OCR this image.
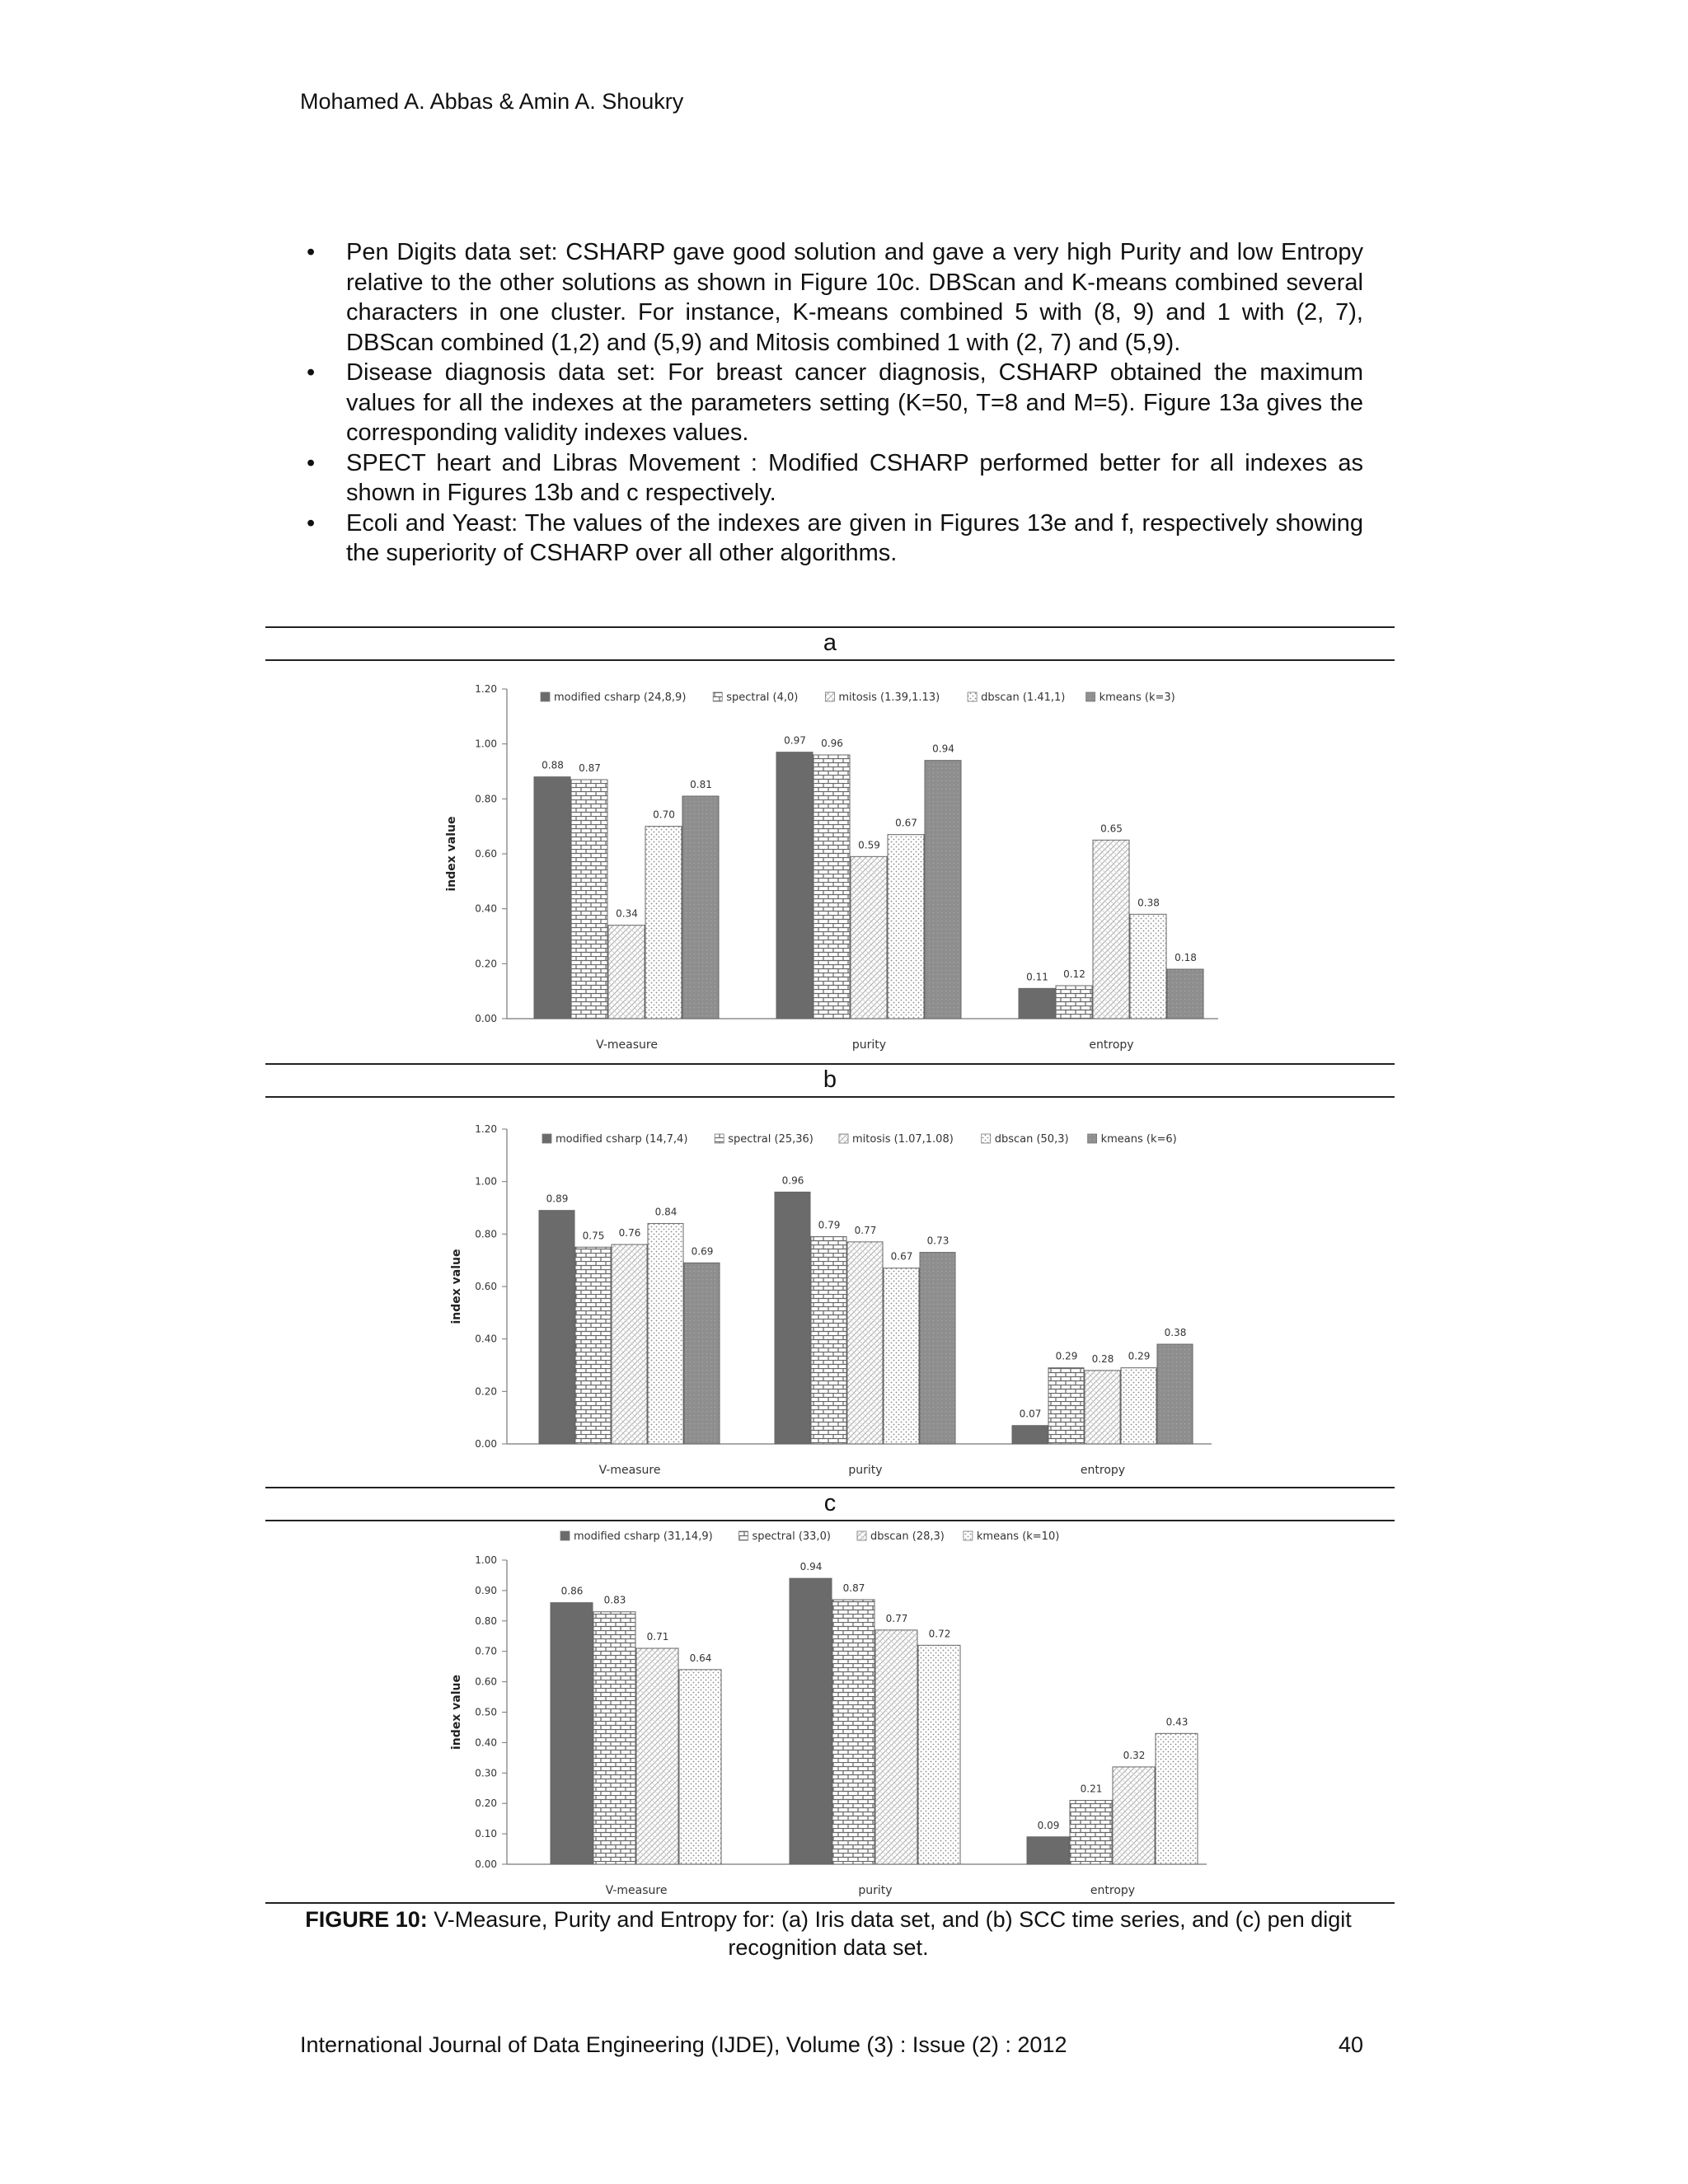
Mohamed A. Abbas & Amin A. Shoukry
• Pen Digits data set: CSHARP gave good solution and gave a very high Purity and low Entropy relative to the other solutions as shown in Figure 10c. DBScan and K-means combined several characters in one cluster. For instance, K-means combined 5 with (8, 9) and 1 with (2, 7), DBScan combined (1,2) and (5,9) and Mitosis combined 1 with (2, 7) and (5,9).
• Disease diagnosis data set: For breast cancer diagnosis, CSHARP obtained the maximum values for all the indexes at the parameters setting (K=50, T=8 and M=5). Figure 13a gives the corresponding validity indexes values.
• SPECT heart and Libras Movement : Modified CSHARP performed better for all indexes as shown in Figures 13b and c respectively.
• Ecoli and Yeast: The values of the indexes are given in Figures 13e and f, respectively showing the superiority of CSHARP over all other algorithms.
a
0.00
0.20
0.40
0.60
0.80
1.00
1.20
index value
modified csharp (24,8,9)	spectral (4,0)	mitosis (1.39,1.13)	dbscan (1.41,1)	kmeans (k=3)
0.88 0.87
0.34
0.70
0.81
V-measure
0.97 0.96
0.59
0.67
0.94
purity
0.11 0.12
0.65
0.38
0.18
entropy
b
0.00
0.20
0.40
0.60
0.80
1.00
1.20
index value
modified csharp (14,7,4)	spectral (25,36)	mitosis (1.07,1.08)	dbscan (50,3)	kmeans (k=6)
0.89
0.75 0.76
0.84
0.69
V-measure
0.96
0.79 0.77
0.67
0.73
purity
0.07
0.29 0.28 0.29
0.38
entropy
c
0.00
0.10
0.20
0.30
0.40
0.50
0.60
0.70
0.80
0.90
1.00
index value
modified csharp (31,14,9)	spectral (33,0)	dbscan (28,3)	kmeans (k=10)
0.86
0.83
0.71
0.64
V-measure
0.94
0.87
0.77
0.72
purity
0.09
0.21
0.32
0.43
entropy
FIGURE 10: V-Measure, Purity and Entropy for: (a) Iris data set, and (b) SCC time series, and (c) pen digit recognition data set.
International Journal of Data Engineering (IJDE), Volume (3) : Issue (2) : 2012	40
